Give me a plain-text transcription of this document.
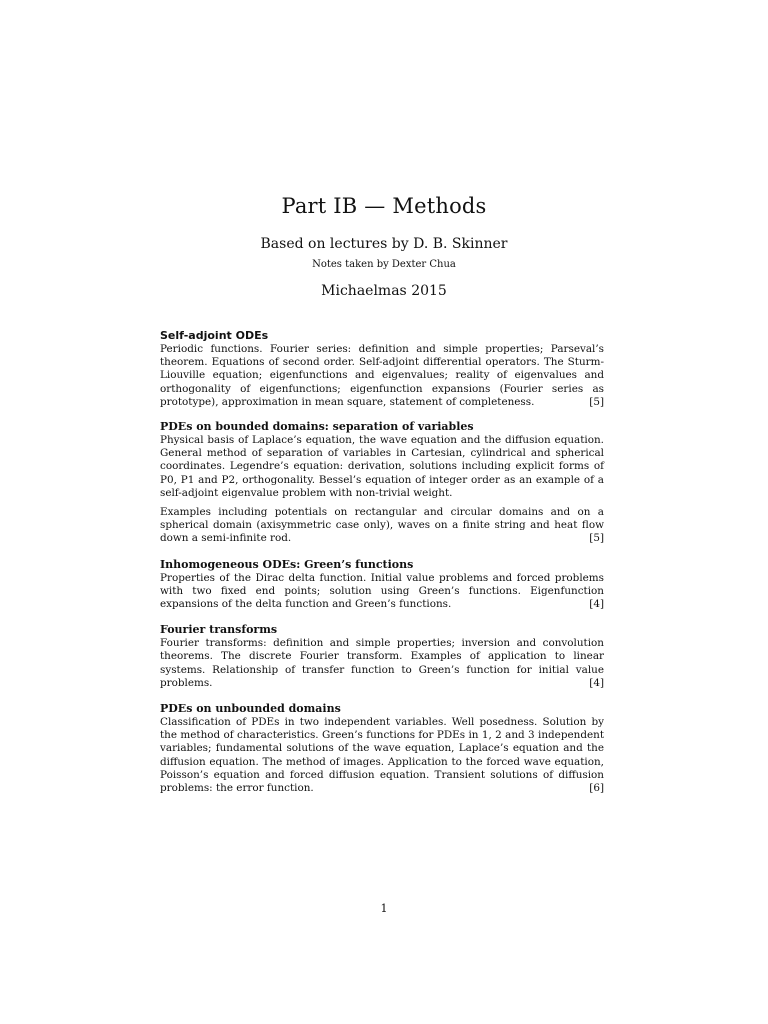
Part IB — Methods
Based on lectures by D. B. Skinner
Notes taken by Dexter Chua
Michaelmas 2015
Self-adjoint ODEs

Periodic functions. Fourier series: definition and simple properties; Parseval’s theorem. Equations of second order. Self-adjoint differential operators. The Sturm-Liouville equation; eigenfunctions and eigenvalues; reality of eigenvalues and orthogonality of eigenfunctions; eigenfunction expansions (Fourier series as prototype), approximation in mean square, statement of completeness.	[5]

PDEs on bounded domains: separation of variables

Physical basis of Laplace’s equation, the wave equation and the diffusion equation. General method of separation of variables in Cartesian, cylindrical and spherical coordinates. Legendre’s equation: derivation, solutions including explicit forms of P0, P1 and P2, orthogonality. Bessel’s equation of integer order as an example of a self-adjoint eigenvalue problem with non-trivial weight.

Examples including potentials on rectangular and circular domains and on a spherical domain (axisymmetric case only), waves on a finite string and heat flow down a semi-infinite rod.	[5]

Inhomogeneous ODEs: Green’s functions

Properties of the Dirac delta function. Initial value problems and forced problems with two fixed end points; solution using Green’s functions. Eigenfunction expansions of the delta function and Green’s functions.	[4]

Fourier transforms

Fourier transforms: definition and simple properties; inversion and convolution theorems. The discrete Fourier transform. Examples of application to linear systems. Relationship of transfer function to Green’s function for initial value problems.	[4]

PDEs on unbounded domains

Classification of PDEs in two independent variables. Well posedness. Solution by the method of characteristics. Green’s functions for PDEs in 1, 2 and 3 independent variables; fundamental solutions of the wave equation, Laplace’s equation and the diffusion equation. The method of images. Application to the forced wave equation, Poisson’s equation and forced diffusion equation. Transient solutions of diffusion problems: the error function.	[6]

1
